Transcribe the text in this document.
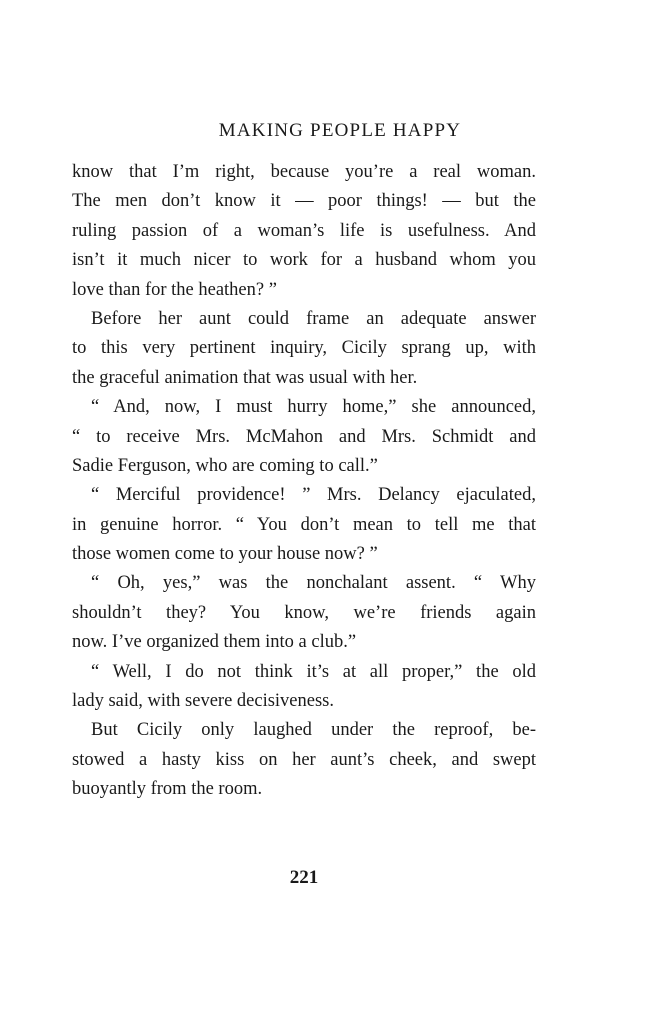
MAKING PEOPLE HAPPY
know that I’m right, because you’re a real woman.
The men don’t know it — poor things! — but the
ruling passion of a woman’s life is usefulness. And
isn’t it much nicer to work for a husband whom you
love than for the heathen? ”
Before her aunt could frame an adequate answer
to this very pertinent inquiry, Cicily sprang up, with
the graceful animation that was usual with her.
“ And, now, I must hurry home,” she announced,
“ to receive Mrs. McMahon and Mrs. Schmidt and
Sadie Ferguson, who are coming to call.”
“ Merciful providence! ” Mrs. Delancy ejaculated,
in genuine horror. “ You don’t mean to tell me that
those women come to your house now? ”
“ Oh, yes,” was the nonchalant assent. “ Why
shouldn’t they? You know, we’re friends again
now. I’ve organized them into a club.”
“ Well, I do not think it’s at all proper,” the old
lady said, with severe decisiveness.
But Cicily only laughed under the reproof, be-
stowed a hasty kiss on her aunt’s cheek, and swept
buoyantly from the room.
221
